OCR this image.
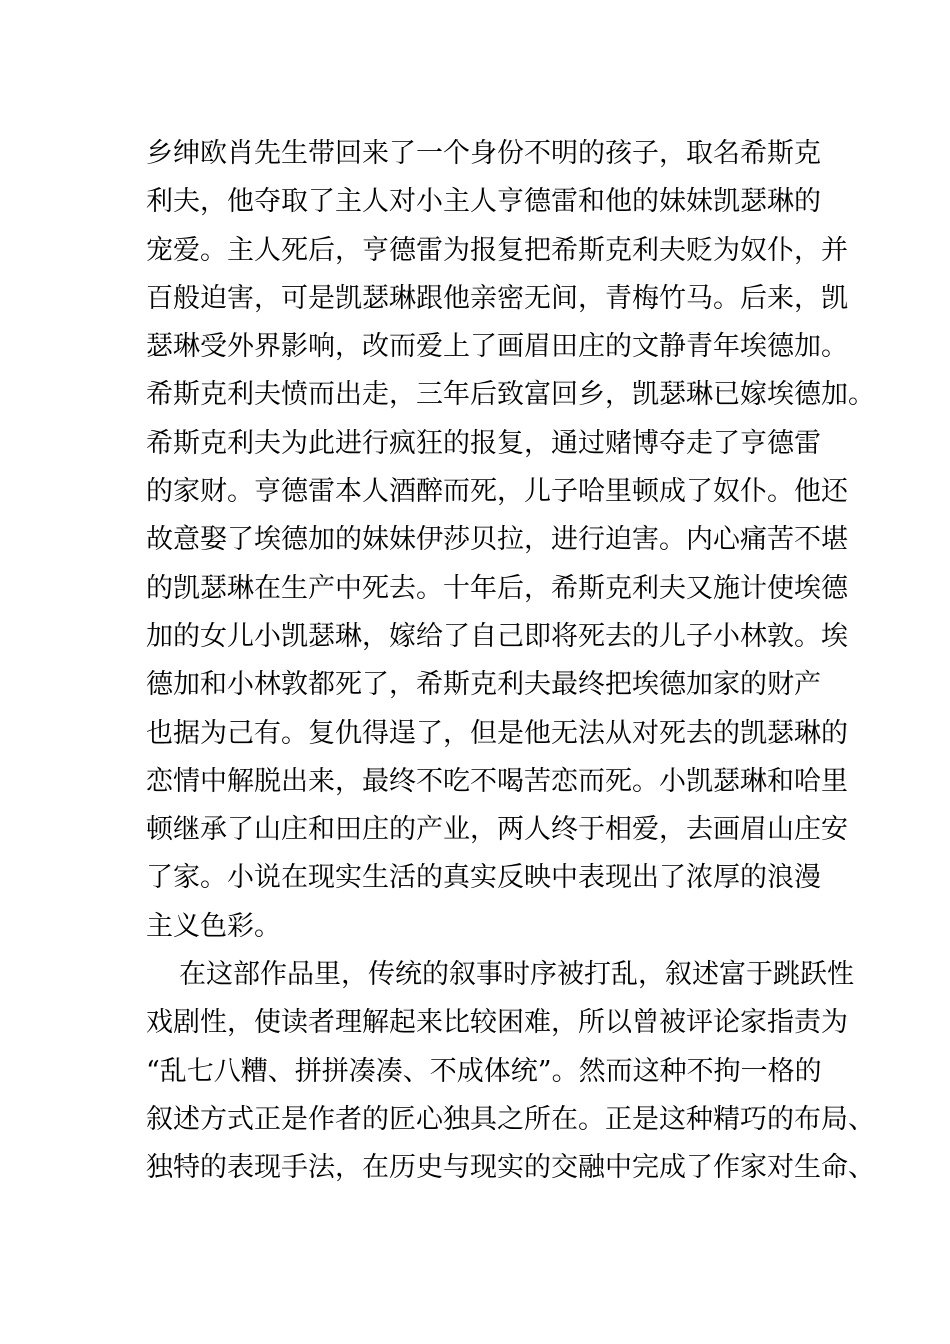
乡绅欧肖先生带回来了一个身份不明的孩子，取名希斯克
利夫，他夺取了主人对小主人亨德雷和他的妹妹凯瑟琳的
宠爱。主人死后，亨德雷为报复把希斯克利夫贬为奴仆，并
百般迫害，可是凯瑟琳跟他亲密无间，青梅竹马。后来，凯
瑟琳受外界影响，改而爱上了画眉田庄的文静青年埃德加。
希斯克利夫愤而出走，三年后致富回乡，凯瑟琳已嫁埃德加。
希斯克利夫为此进行疯狂的报复，通过赌博夺走了亨德雷
的家财。亨德雷本人酒醉而死，儿子哈里顿成了奴仆。他还
故意娶了埃德加的妹妹伊莎贝拉，进行迫害。内心痛苦不堪
的凯瑟琳在生产中死去。十年后，希斯克利夫又施计使埃德
加的女儿小凯瑟琳，嫁给了自己即将死去的儿子小林敦。埃
德加和小林敦都死了，希斯克利夫最终把埃德加家的财产
也据为己有。复仇得逞了，但是他无法从对死去的凯瑟琳的
恋情中解脱出来，最终不吃不喝苦恋而死。小凯瑟琳和哈里
顿继承了山庄和田庄的产业，两人终于相爱，去画眉山庄安
了家。小说在现实生活的真实反映中表现出了浓厚的浪漫
主义色彩。
在这部作品里，传统的叙事时序被打乱，叙述富于跳跃性
戏剧性，使读者理解起来比较困难，所以曾被评论家指责为
“乱七八糟、拼拼凑凑、不成体统”。然而这种不拘一格的
叙述方式正是作者的匠心独具之所在。正是这种精巧的布局、
独特的表现手法，在历史与现实的交融中完成了作家对生命、
